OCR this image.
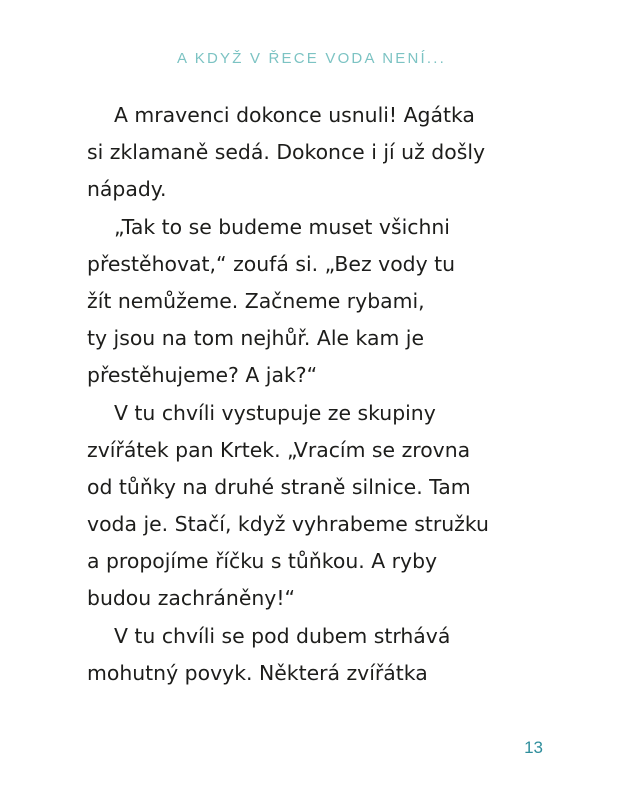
A KDYŽ V ŘECE VODA NENÍ...
A mravenci dokonce usnuli! Agátka
si zklamaně sedá. Dokonce i jí už došly
nápady.
„Tak to se budeme muset všichni
přestěhovat,“ zoufá si. „Bez vody tu
žít nemůžeme. Začneme rybami,
ty jsou na tom nejhůř. Ale kam je
přestěhujeme? A jak?“
V tu chvíli vystupuje ze skupiny
zvířátek pan Krtek. „Vracím se zrovna
od tůňky na druhé straně silnice. Tam
voda je. Stačí, když vyhrabeme stružku
a propojíme říčku s tůňkou. A ryby
budou zachráněny!“
V tu chvíli se pod dubem strhává
mohutný povyk. Některá zvířátka
13
